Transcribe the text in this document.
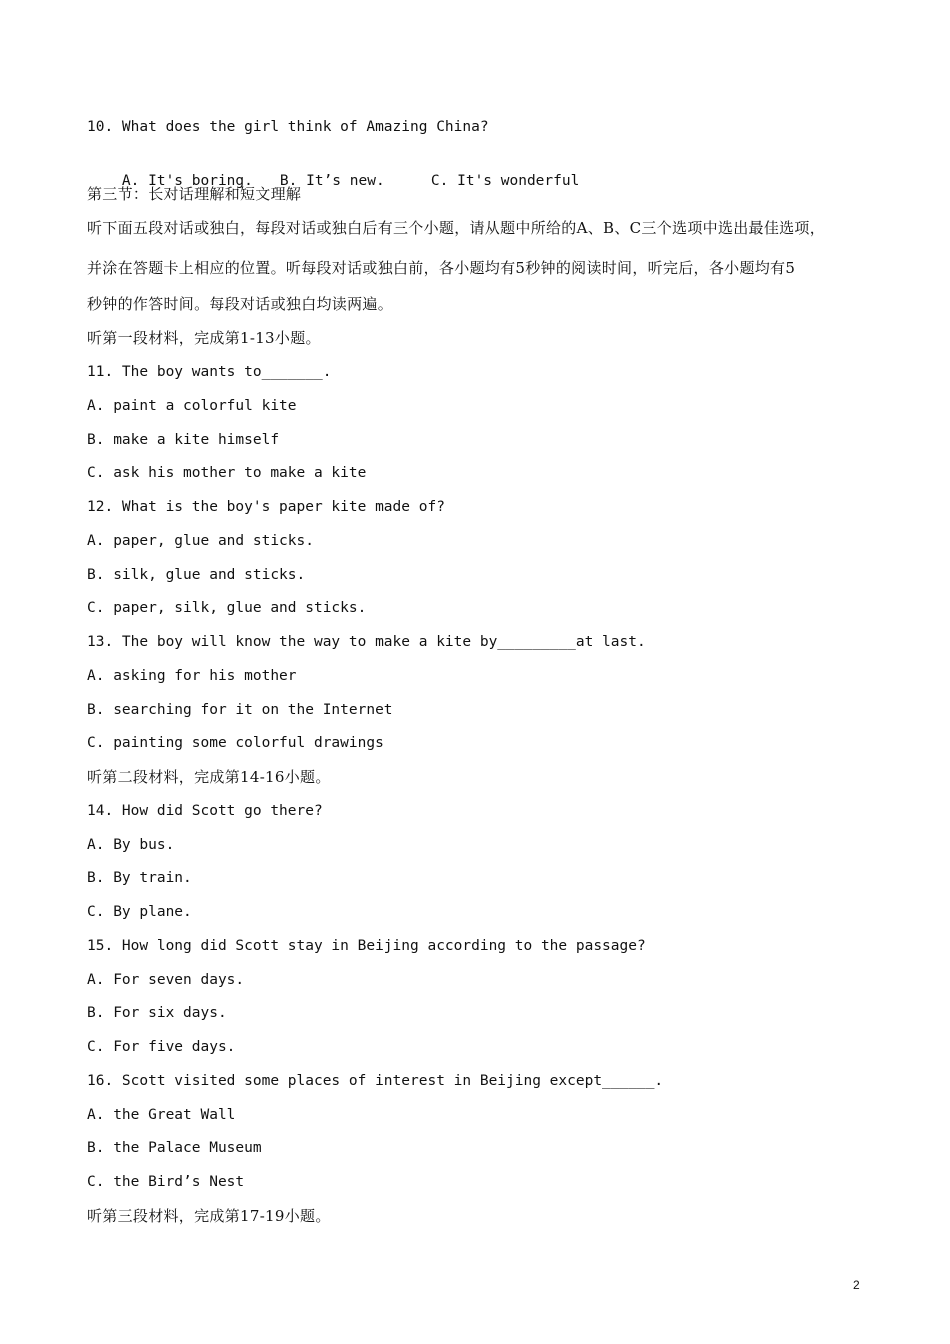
10. What does the girl think of Amazing China?

A. It's boring. B. It’s new.	C. It's wonderful

第三节：长对话理解和短文理解
听下面五段对话或独白，每段对话或独白后有三个小题，请从题中所给的A、B、C三个选项中选出最佳选项，
并涂在答题卡上相应的位置。听每段对话或独白前，各小题均有5秒钟的阅读时间，听完后，各小题均有5
秒钟的作答时间。每段对话或独白均读两遍。
听第一段材料，完成第1-13小题。
11. The boy wants to_______.
A. paint a colorful kite
B. make a kite himself
C. ask his mother to make a kite
12. What is the boy's paper kite made of?
A. paper, glue and sticks.
B. silk, glue and sticks.
C. paper, silk, glue and sticks.
13. The boy will know the way to make a kite by_________at last.
A. asking for his mother
B. searching for it on the Internet
C. painting some colorful drawings
听第二段材料，完成第14-16小题。
14. How did Scott go there?
A. By bus.
B. By train.
C. By plane.
15. How long did Scott stay in Beijing according to the passage?
A. For seven days.
B. For six days.
C. For five days.
16. Scott visited some places of interest in Beijing except______.
A. the Great Wall
B. the Palace Museum
C. the Bird’s Nest
听第三段材料，完成第17-19小题。
2
